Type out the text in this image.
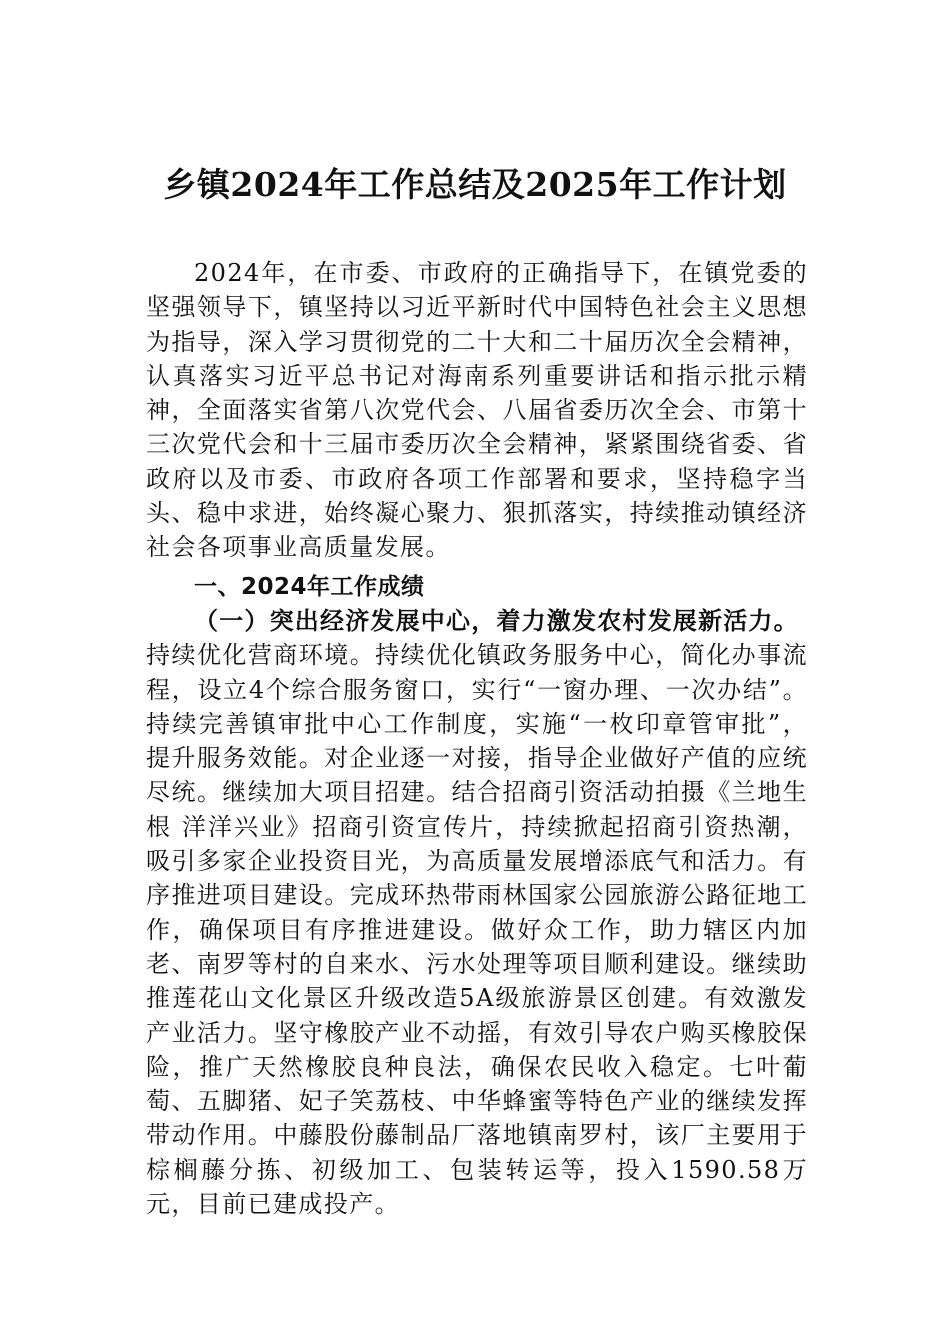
乡镇2024年工作总结及2025年工作计划

2024年，在市委、市政府的正确指导下，在镇党委的坚强领导下，镇坚持以习近平新时代中国特色社会主义思想为指导，深入学习贯彻党的二十大和二十届历次全会精神，认真落实习近平总书记对海南系列重要讲话和指示批示精神，全面落实省第八次党代会、八届省委历次全会、市第十三次党代会和十三届市委历次全会精神，紧紧围绕省委、省政府以及市委、市政府各项工作部署和要求，坚持稳字当头、稳中求进，始终凝心聚力、狠抓落实，持续推动镇经济社会各项事业高质量发展。

一、2024年工作成绩
（一）突出经济发展中心，着力激发农村发展新活力。
持续优化营商环境。持续优化镇政务服务中心，简化办事流程，设立4个综合服务窗口，实行“一窗办理、一次办结”。持续完善镇审批中心工作制度，实施“一枚印章管审批”，提升服务效能。对企业逐一对接，指导企业做好产值的应统尽统。继续加大项目招建。结合招商引资活动拍摄《兰地生根 洋洋兴业》招商引资宣传片，持续掀起招商引资热潮，吸引多家企业投资目光，为高质量发展增添底气和活力。有序推进项目建设。完成环热带雨林国家公园旅游公路征地工作，确保项目有序推进建设。做好众工作，助力辖区内加老、南罗等村的自来水、污水处理等项目顺利建设。继续助推莲花山文化景区升级改造5A级旅游景区创建。有效激发产业活力。坚守橡胶产业不动摇，有效引导农户购买橡胶保险，推广天然橡胶良种良法，确保农民收入稳定。七叶葡萄、五脚猪、妃子笑荔枝、中华蜂蜜等特色产业的继续发挥带动作用。中藤股份藤制品厂落地镇南罗村，该厂主要用于棕榈藤分拣、初级加工、包装转运等，投入1590.58万元，目前已建成投产。
